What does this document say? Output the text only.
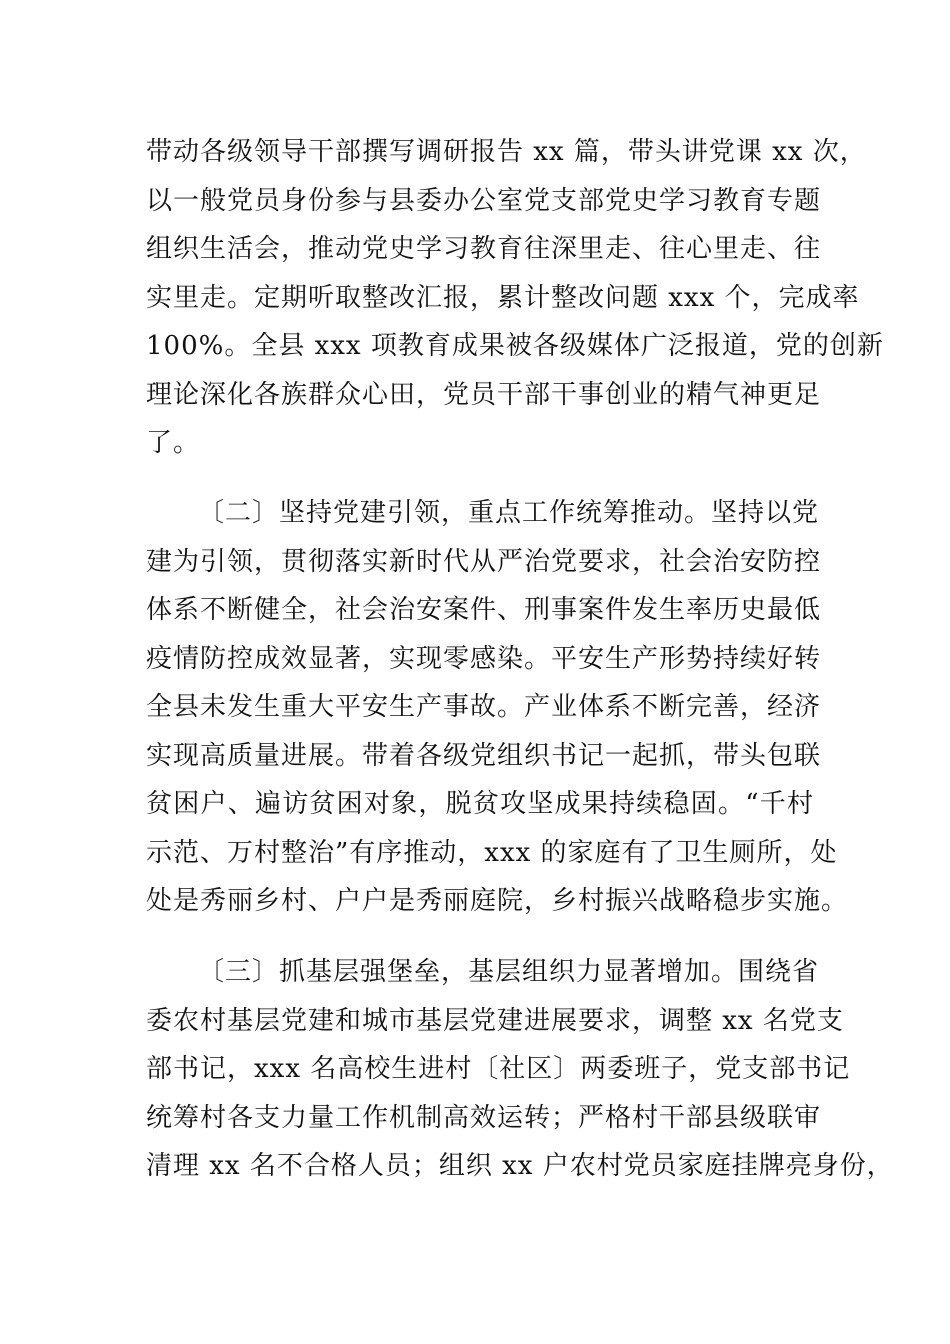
带动各级领导干部撰写调研报告 xx 篇，带头讲党课 xx 次，
以一般党员身份参与县委办公室党支部党史学习教育专题
组织生活会，推动党史学习教育往深里走、往心里走、往
实里走。定期听取整改汇报，累计整改问题 xxx 个，完成率
100%。全县 xxx 项教育成果被各级媒体广泛报道，党的创新
理论深化各族群众心田，党员干部干事创业的精气神更足
了。
〔二〕坚持党建引领，重点工作统筹推动。坚持以党
建为引领，贯彻落实新时代从严治党要求，社会治安防控
体系不断健全，社会治安案件、刑事案件发生率历史最低
疫情防控成效显著，实现零感染。平安生产形势持续好转
全县未发生重大平安生产事故。产业体系不断完善，经济
实现高质量进展。带着各级党组织书记一起抓，带头包联
贫困户、遍访贫困对象，脱贫攻坚成果持续稳固。“千村
示范、万村整治”有序推动，xxx 的家庭有了卫生厕所，处
处是秀丽乡村、户户是秀丽庭院，乡村振兴战略稳步实施。
〔三〕抓基层强堡垒，基层组织力显著增加。围绕省
委农村基层党建和城市基层党建进展要求，调整 xx 名党支
部书记，xxx 名高校生进村〔社区〕两委班子，党支部书记
统筹村各支力量工作机制高效运转；严格村干部县级联审
清理 xx 名不合格人员；组织 xx 户农村党员家庭挂牌亮身份，
